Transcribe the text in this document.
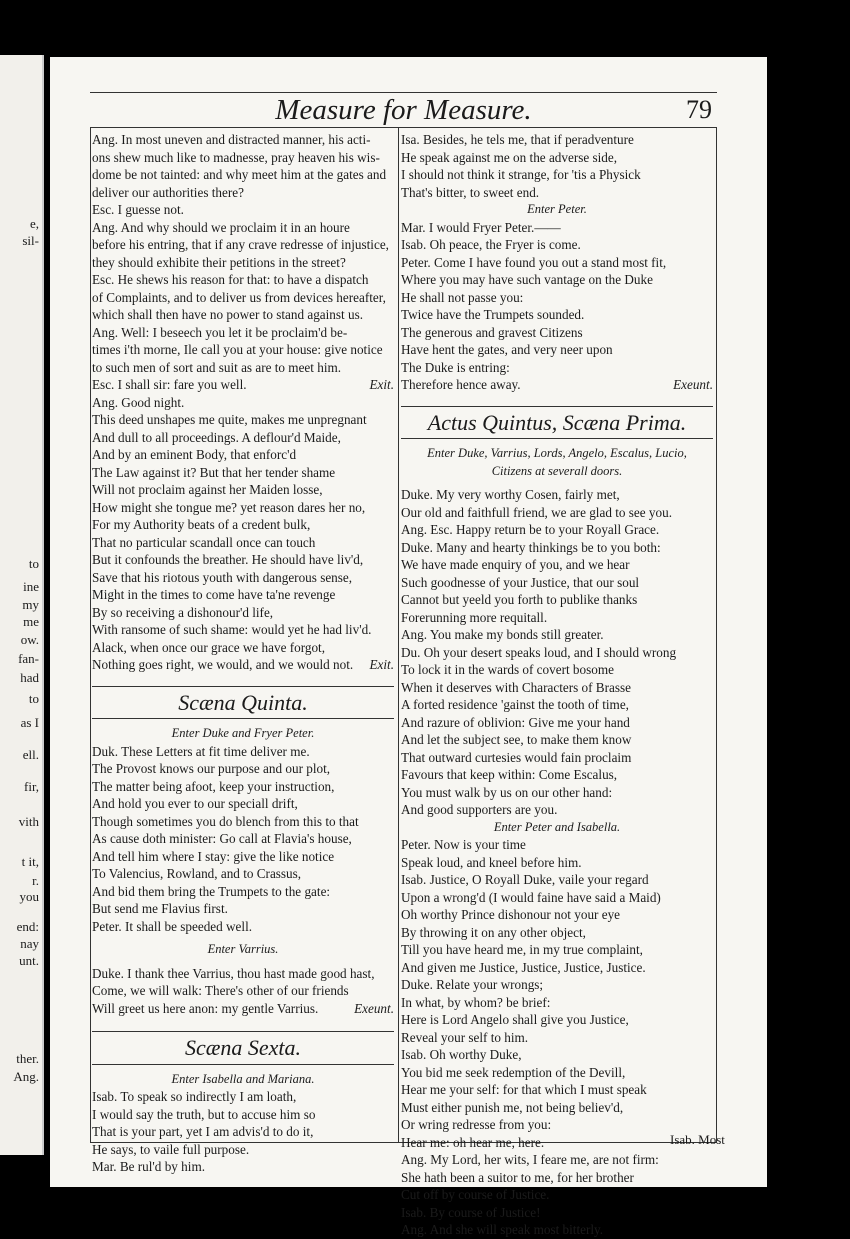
e,
sil-
to
ine
my
me
ow.
fan-
had
to
as I
ell.
fir,
vith
t it,
r.
you
end:
nay
unt.
ther.
Ang.
Measure for Measure.	79
Ang. In most uneven and distracted manner, his acti-
ons shew much like to madnesse, pray heaven his wis-
dome be not tainted: and why meet him at the gates and
deliver our authorities there?
Esc. I guesse not.
Ang. And why should we proclaim it in an houre
before his entring, that if any crave redresse of injustice,
they should exhibite their petitions in the street?
Esc. He shews his reason for that: to have a dispatch
of Complaints, and to deliver us from devices hereafter,
which shall then have no power to stand against us.
Ang. Well: I beseech you let it be proclaim'd be-
times i'th morne, Ile call you at your house: give notice
to such men of sort and suit as are to meet him.
Exit.
Esc. I shall sir: fare you well.
Ang. Good night.
This deed unshapes me quite, makes me unpregnant
And dull to all proceedings. A deflour'd Maide,
And by an eminent Body, that enforc'd
The Law against it? But that her tender shame
Will not proclaim against her Maiden losse,
How might she tongue me? yet reason dares her no,
For my Authority beats of a credent bulk,
That no particular scandall once can touch
But it confounds the breather. He should have liv'd,
Save that his riotous youth with dangerous sense,
Might in the times to come have ta'ne revenge
By so receiving a dishonour'd life,
With ransome of such shame: would yet he had liv'd.
Alack, when once our grace we have forgot,
Exit.
Nothing goes right, we would, and we would not.
Scæna Quinta.
Enter Duke and Fryer Peter.
Duk. These Letters at fit time deliver me.
The Provost knows our purpose and our plot,
The matter being afoot, keep your instruction,
And hold you ever to our speciall drift,
Though sometimes you do blench from this to that
As cause doth minister: Go call at Flavia's house,
And tell him where I stay: give the like notice
To Valencius, Rowland, and to Crassus,
And bid them bring the Trumpets to the gate:
But send me Flavius first.
Peter. It shall be speeded well.
Enter Varrius.
Duke. I thank thee Varrius, thou hast made good hast,
Come, we will walk: There's other of our friends
Exeunt.
Will greet us here anon: my gentle Varrius.
Scæna Sexta.
Enter Isabella and Mariana.
Isab. To speak so indirectly I am loath,
I would say the truth, but to accuse him so
That is your part, yet I am advis'd to do it,
He says, to vaile full purpose.
Mar. Be rul'd by him.
Isa. Besides, he tels me, that if peradventure
He speak against me on the adverse side,
I should not think it strange, for 'tis a Physick
That's bitter, to sweet end.
Enter Peter.
Mar. I would Fryer Peter.——
Isab. Oh peace, the Fryer is come.
Peter. Come I have found you out a stand most fit,
Where you may have such vantage on the Duke
He shall not passe you:
Twice have the Trumpets sounded.
The generous and gravest Citizens
Have hent the gates, and very neer upon
The Duke is entring:
Exeunt.
Therefore hence away.
Actus Quintus, Scæna Prima.
Enter Duke, Varrius, Lords, Angelo, Escalus, Lucio, Citizens at severall doors.
Duke. My very worthy Cosen, fairly met,
Our old and faithfull friend, we are glad to see you.
Ang. Esc. Happy return be to your Royall Grace.
Duke. Many and hearty thinkings be to you both:
We have made enquiry of you, and we hear
Such goodnesse of your Justice, that our soul
Cannot but yeeld you forth to publike thanks
Forerunning more requitall.
Ang. You make my bonds still greater.
Du. Oh your desert speaks loud, and I should wrong
To lock it in the wards of covert bosome
When it deserves with Characters of Brasse
A forted residence 'gainst the tooth of time,
And razure of oblivion: Give me your hand
And let the subject see, to make them know
That outward curtesies would fain proclaim
Favours that keep within: Come Escalus,
You must walk by us on our other hand:
And good supporters are you.
Enter Peter and Isabella.
Peter. Now is your time
Speak loud, and kneel before him.
Isab. Justice, O Royall Duke, vaile your regard
Upon a wrong'd (I would faine have said a Maid)
Oh worthy Prince dishonour not your eye
By throwing it on any other object,
Till you have heard me, in my true complaint,
And given me Justice, Justice, Justice, Justice.
Duke. Relate your wrongs;
In what, by whom? be brief:
Here is Lord Angelo shall give you Justice,
Reveal your self to him.
Isab. Oh worthy Duke,
You bid me seek redemption of the Devill,
Hear me your self: for that which I must speak
Must either punish me, not being believ'd,
Or wring redresse from you:
Hear me: oh hear me, here.
Ang. My Lord, her wits, I feare me, are not firm:
She hath been a suitor to me, for her brother
Cut off by course of Justice.
Isab. By course of Justice!
Ang. And she will speak most bitterly.
Isab. Most
